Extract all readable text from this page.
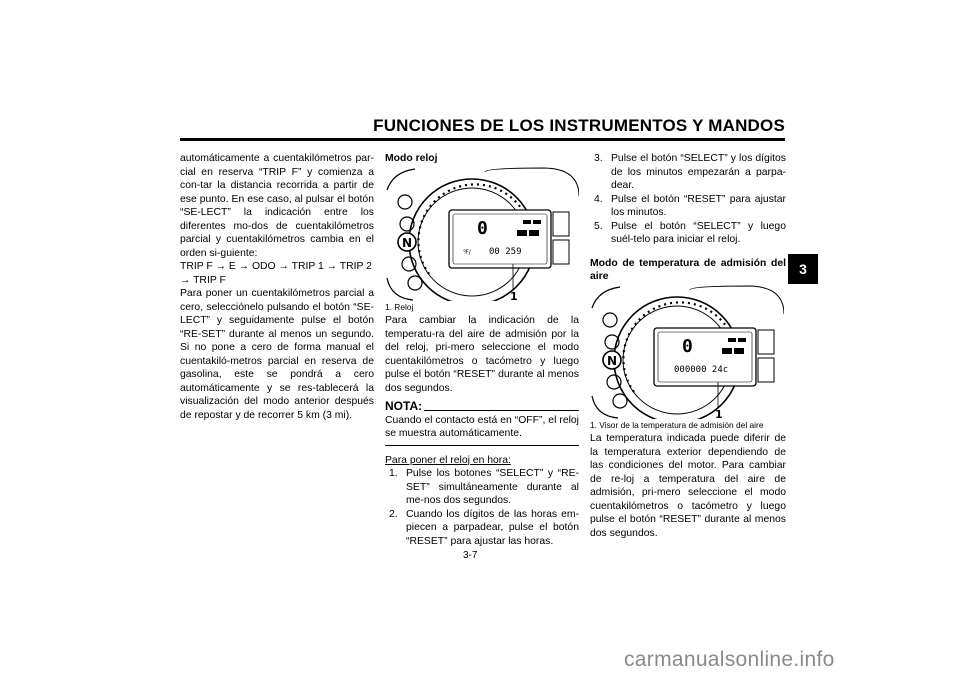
FUNCIONES DE LOS INSTRUMENTOS Y MANDOS
3

automáticamente a cuentakilómetros par-cial en reserva “TRIP F” y comienza a con-tar la distancia recorrida a partir de ese punto. En ese caso, al pulsar el botón “SE-LECT” la indicación entre los diferentes mo-dos de cuentakilómetros parcial y cuentakilómetros cambia en el orden si-guiente:

TRIP F → E → ODO → TRIP 1 → TRIP 2 → TRIP F

Para poner un cuentakilómetros parcial a cero, selecciónelo pulsando el botón “SE-LECT” y seguidamente pulse el botón “RE-SET” durante al menos un segundo. Si no pone a cero de forma manual el cuentakiló-metros parcial en reserva de gasolina, este se pondrá a cero automáticamente y se res-tablecerá la visualización del modo anterior después de repostar y de recorrer 5 km (3 mi).

Modo reloj

0
00 259
℉/
N
1

1. Reloj

Para cambiar la indicación de la temperatu-ra del aire de admisión por la del reloj, pri-mero seleccione el modo cuentakilómetros o tacómetro y luego pulse el botón “RESET” durante al menos dos segundos.

NOTA:

Cuando el contacto está en “OFF”, el reloj se muestra automáticamente.

Para poner el reloj en hora:

1. Pulse los botones “SELECT” y “RE-SET” simultáneamente durante al me-nos dos segundos.
2. Cuando los dígitos de las horas em-piecen a parpadear, pulse el botón “RESET” para ajustar las horas.
3. Pulse el botón “SELECT” y los dígitos de los minutos empezarán a parpa-dear.
4. Pulse el botón “RESET” para ajustar los minutos.
5. Pulse el botón “SELECT” y luego suél-telo para iniciar el reloj.

Modo de temperatura de admisión del aire

0
000000 24c
N
1

1. Visor de la temperatura de admisión del aire

La temperatura indicada puede diferir de la temperatura exterior dependiendo de las condiciones del motor. Para cambiar de re-loj a temperatura del aire de admisión, pri-mero seleccione el modo cuentakilómetros o tacómetro y luego pulse el botón “RESET” durante al menos dos segundos.

3-7
carmanualsonline.info
